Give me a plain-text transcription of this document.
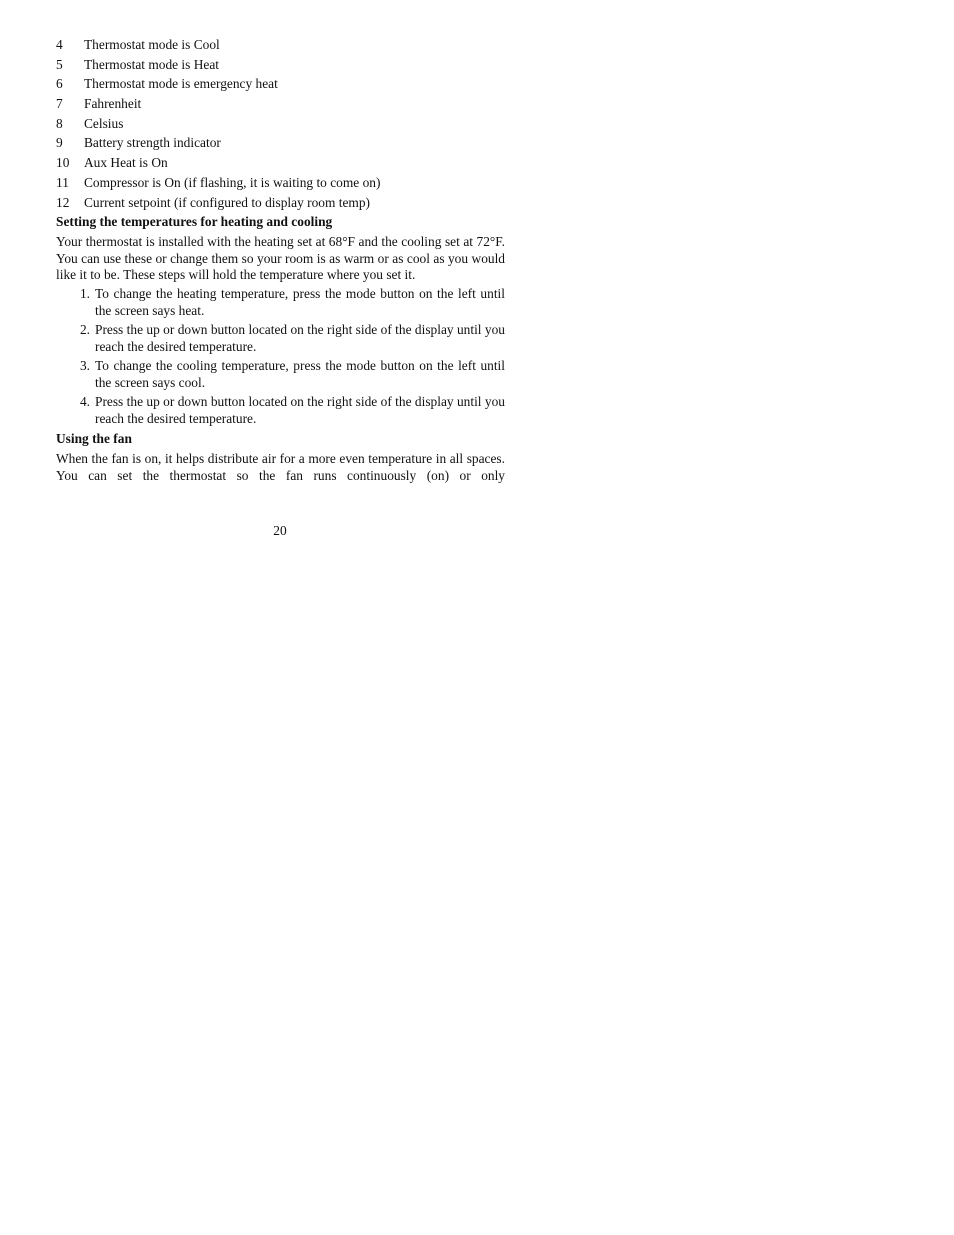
4	Thermostat mode is Cool
5	Thermostat mode is Heat
6	Thermostat mode is emergency heat
7	Fahrenheit
8	Celsius
9	Battery strength indicator
10	Aux Heat is On
11	Compressor is On (if flashing, it is waiting to come on)
12	Current setpoint (if configured to display room temp)
Setting the temperatures for heating and cooling
Your thermostat is installed with the heating set at 68°F and the cooling set at 72°F. You can use these or change them so your room is as warm or as cool as you would like it to be. These steps will hold the temperature where you set it.
1. To change the heating temperature, press the mode button on the left until the screen says heat.
2. Press the up or down button located on the right side of the display until you reach the desired temperature.
3. To change the cooling temperature, press the mode button on the left until the screen says cool.
4. Press the up or down button located on the right side of the display until you reach the desired temperature.
Using the fan
When the fan is on, it helps distribute air for a more even temperature in all spaces. You can set the thermostat so the fan runs continuously (on) or only
20
